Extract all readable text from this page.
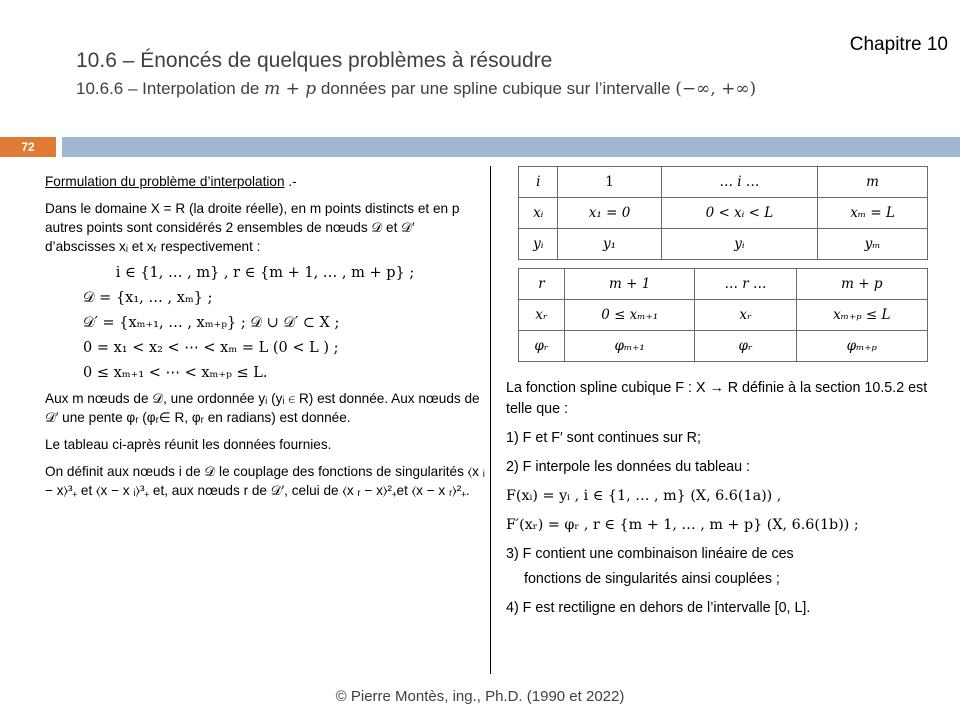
Chapitre 10
10.6 – Énoncés de quelques problèmes à résoudre
10.6.6 – Interpolation de m + p données par une spline cubique sur l’intervalle (−∞, +∞)
72

Formulation du problème d’interpolation .-

Dans le domaine X = R (la droite réelle), en m points distincts et en p autres points sont considérés 2 ensembles de nœuds 𝒟 et 𝒟′ d’abscisses xᵢ et xᵣ respectivement :

i ∈ {1, … , m} , r ∈ {m + 1, … , m + p} ;
𝒟 = {x₁, … , xₘ} ;
𝒟′ = {xₘ₊₁, … , xₘ₊ₚ} ; 𝒟 ∪ 𝒟′ ⊂ X ;
0 = x₁ < x₂ < ⋯ < xₘ = L (0 < L ) ;
0 ≤ xₘ₊₁ < ⋯ < xₘ₊ₚ ≤ L.

Aux m nœuds de 𝒟, une ordonnée yᵢ (yᵢ ∈ R) est donnée. Aux nœuds de 𝒟′ une pente φᵣ (φᵣ∈ R, φᵣ en radians) est donnée.

Le tableau ci-après réunit les données fournies.

On définit aux nœuds i de 𝒟 le couplage des fonctions de singularités ⟨x ᵢ − x⟩³₊ et ⟨x − x ᵢ⟩³₊ et, aux nœuds r de 𝒟′, celui de ⟨x ᵣ − x⟩²₊et ⟨x − x ᵣ⟩²₊.

i	1	… i …	m
xᵢ	x₁ = 0	0 < xᵢ < L	xₘ = L
yᵢ	y₁	yᵢ	yₘ
r	m + 1	… r …	m + p
xᵣ	0 ≤ xₘ₊₁	xᵣ	xₘ₊ₚ ≤ L
φᵣ	φₘ₊₁	φᵣ	φₘ₊ₚ

La fonction spline cubique F : X → R définie à la section 10.5.2 est telle que :

1) F et F′ sont continues sur R;

2) F interpole les données du tableau :

F(xᵢ) = yᵢ , i ∈ {1, … , m} (X, 6.6(1a)) ,

F′(xᵣ) = φᵣ , r ∈ {m + 1, … , m + p} (X, 6.6(1b)) ;

3) F contient une combinaison linéaire de ces

fonctions de singularités ainsi couplées ;

4) F est rectiligne en dehors de l’intervalle [0, L].

© Pierre Montès, ing., Ph.D. (1990 et 2022)
